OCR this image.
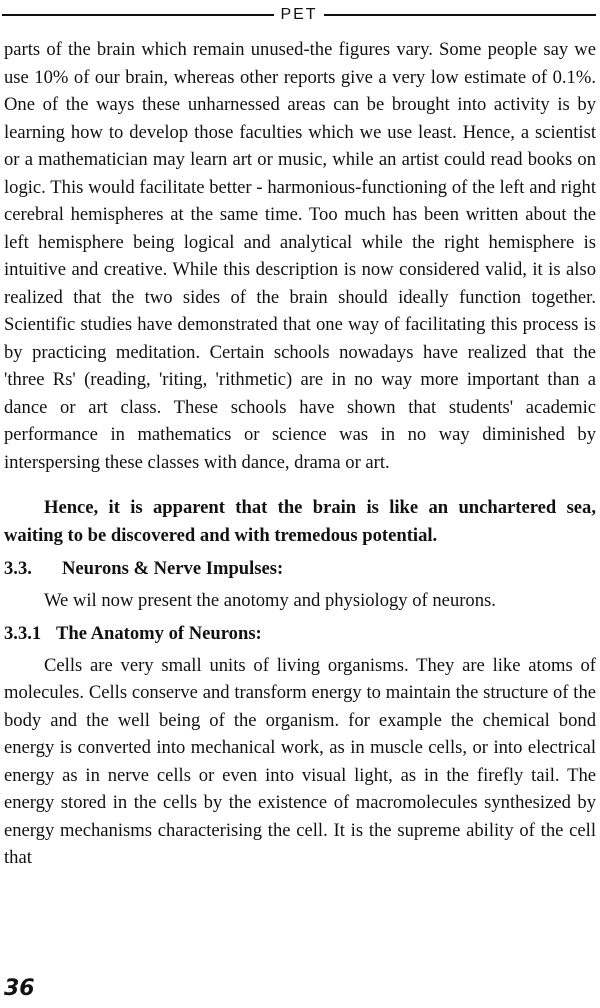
PET

parts of the brain which remain unused-the figures vary. Some people say we use 10% of our brain, whereas other reports give a very low estimate of 0.1%. One of the ways these unharnessed areas can be brought into activity is by learning how to develop those faculties which we use least. Hence, a scientist or a mathematician may learn art or music, while an artist could read books on logic. This would facilitate better - harmonious-functioning of the left and right cerebral hemispheres at the same time. Too much has been written about the left hemisphere being logical and analytical while the right hemisphere is intuitive and creative. While this description is now considered valid, it is also realized that the two sides of the brain should ideally function together. Scientific studies have demonstrated that one way of facilitating this process is by practicing meditation. Certain schools nowadays have realized that the 'three Rs' (reading, 'riting, 'rithmetic) are in no way more important than a dance or art class. These schools have shown that students' academic performance in mathematics or science was in no way diminished by interspersing these classes with dance, drama or art.

Hence, it is apparent that the brain is like an unchartered sea, waiting to be discovered and with tremedous potential.

3.3. Neurons & Nerve Impulses:

We wil now present the anotomy and physiology of neurons.

3.3.1 The Anatomy of Neurons:

Cells are very small units of living organisms. They are like atoms of molecules. Cells conserve and transform energy to maintain the structure of the body and the well being of the organism. for example the chemical bond energy is converted into mechanical work, as in muscle cells, or into electrical energy as in nerve cells or even into visual light, as in the firefly tail. The energy stored in the cells by the existence of macromolecules synthesized by energy mechanisms characterising the cell. It is the supreme ability of the cell that

36
